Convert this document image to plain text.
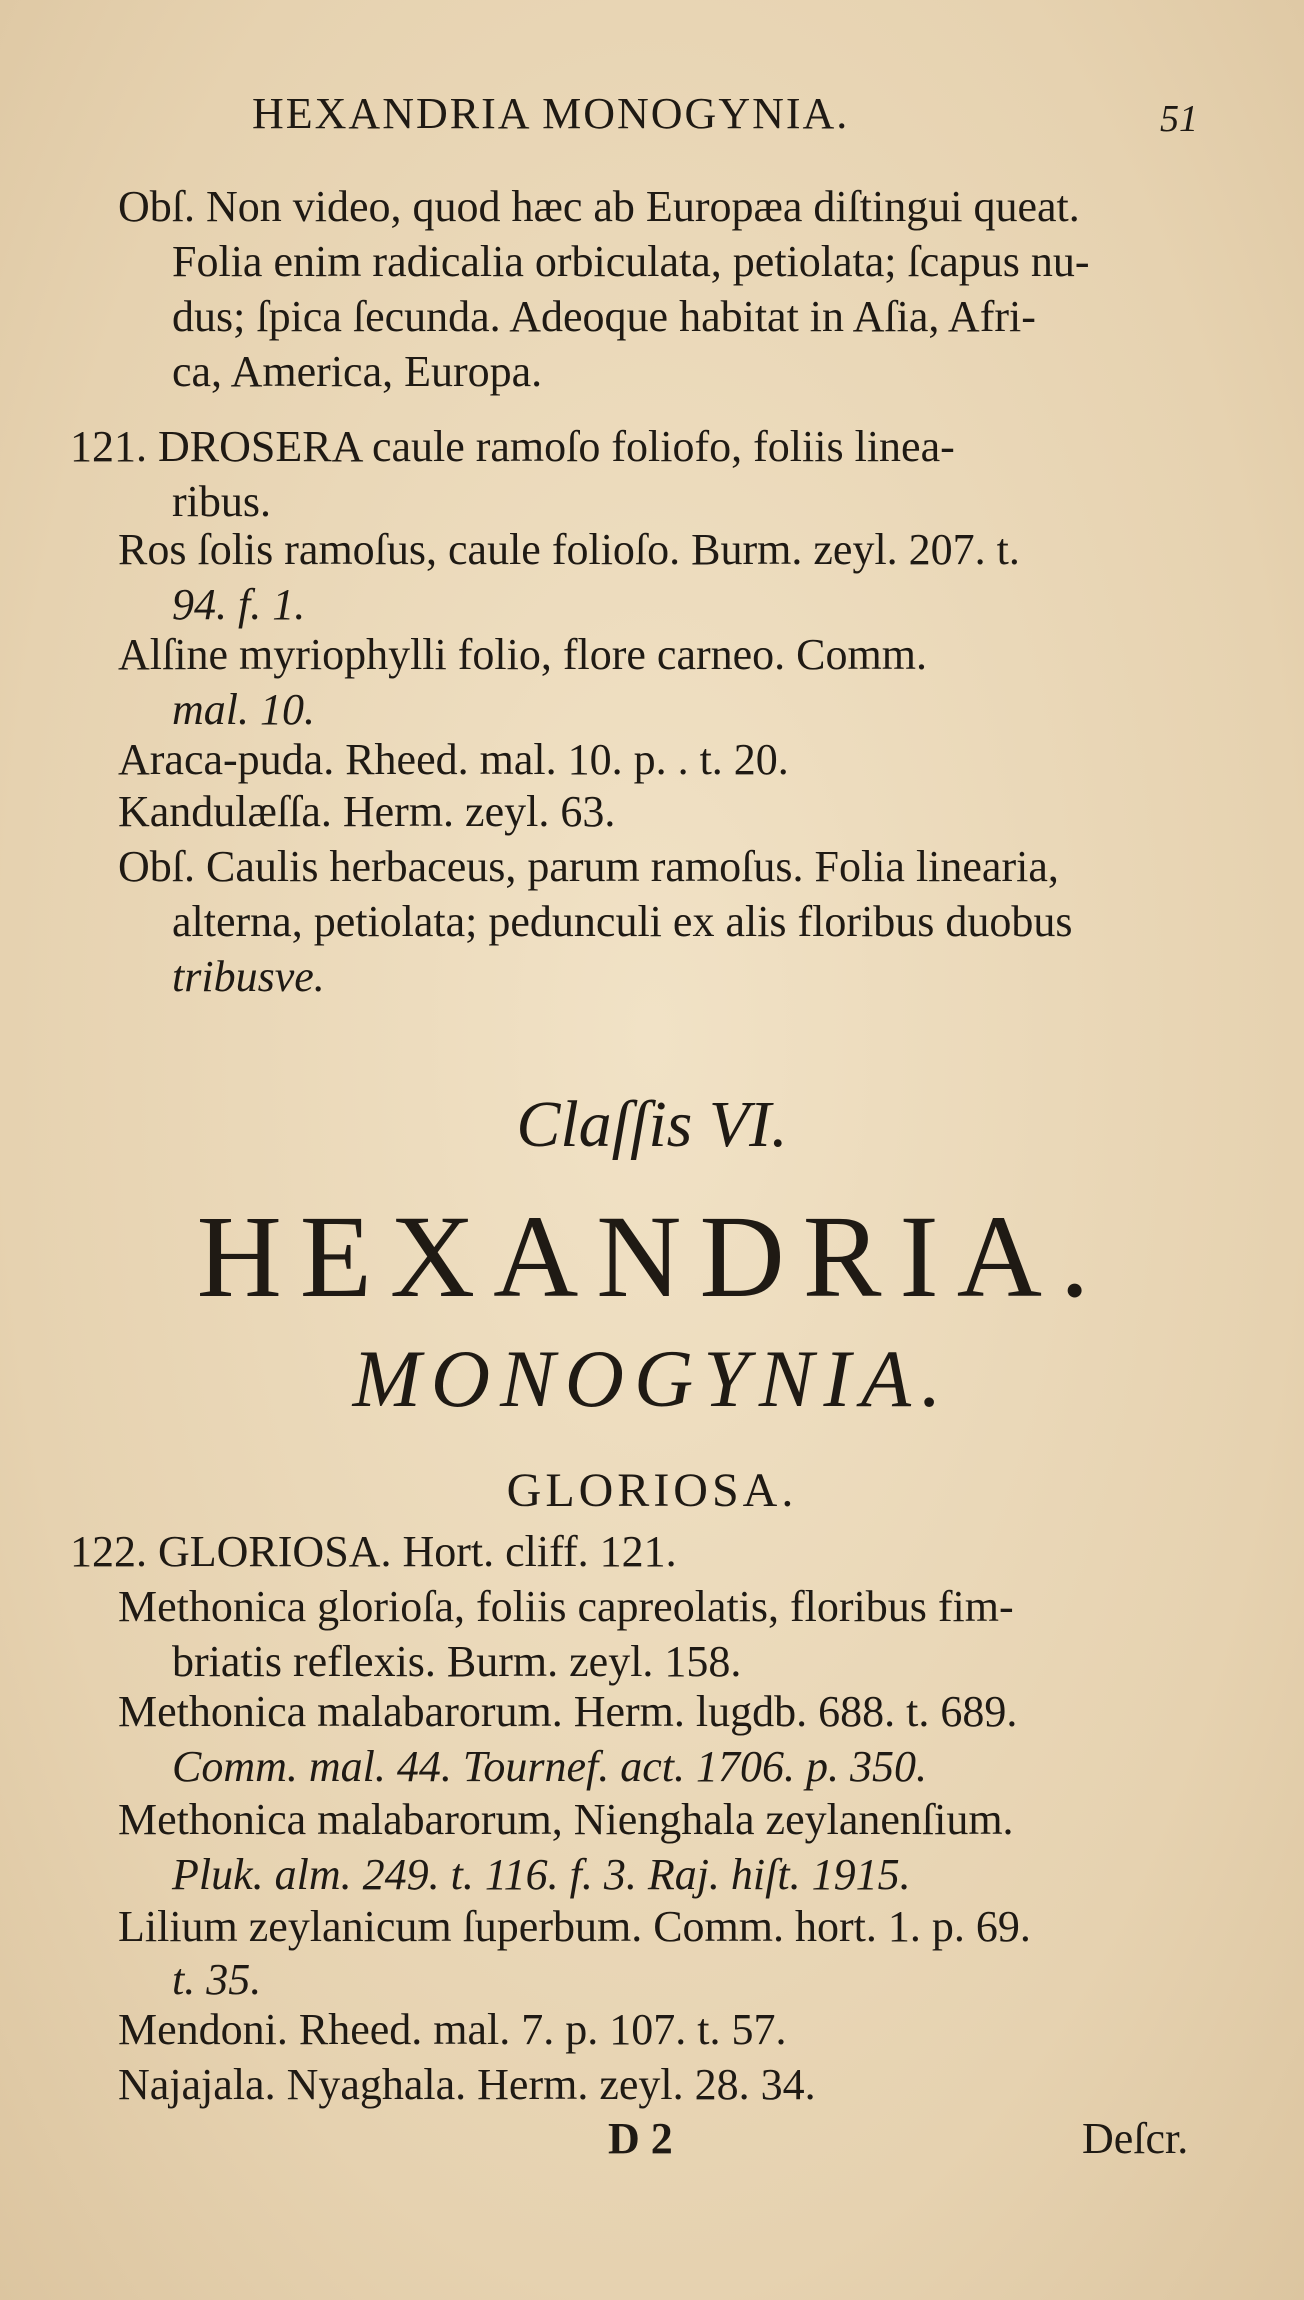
HEXANDRIA MONOGYNIA.	51
Obſ. Non video, quod hæc ab Europæa diſtingui queat.
Folia enim radicalia orbiculata, petiolata; ſcapus nu-
dus; ſpica ſecunda. Adeoque habitat in Aſia, Afri-
ca, America, Europa.
121. DROSERA caule ramoſo foliofo, foliis linea-
ribus.
Ros ſolis ramoſus, caule folioſo. Burm. zeyl. 207. t.
94. f. 1.
Alſine myriophylli folio, flore carneo. Comm.
mal. 10.
Araca-puda. Rheed. mal. 10. p. . t. 20.
Kandulæſſa. Herm. zeyl. 63.
Obſ. Caulis herbaceus, parum ramoſus. Folia linearia,
alterna, petiolata; pedunculi ex alis floribus duobus
tribusve.
Claſſis VI.
HEXANDRIA.
MONOGYNIA.
GLORIOSA.
122. GLORIOSA. Hort. cliff. 121.
Methonica glorioſa, foliis capreolatis, floribus fim-
briatis reflexis. Burm. zeyl. 158.
Methonica malabarorum. Herm. lugdb. 688. t. 689.
Comm. mal. 44. Tournef. act. 1706. p. 350.
Methonica malabarorum, Nienghala zeylanenſium.
Pluk. alm. 249. t. 116. f. 3. Raj. hiſt. 1915.
Lilium zeylanicum ſuperbum. Comm. hort. 1. p. 69.
t. 35.
Mendoni. Rheed. mal. 7. p. 107. t. 57.
Najajala. Nyaghala. Herm. zeyl. 28. 34.
D 2	Deſcr.
